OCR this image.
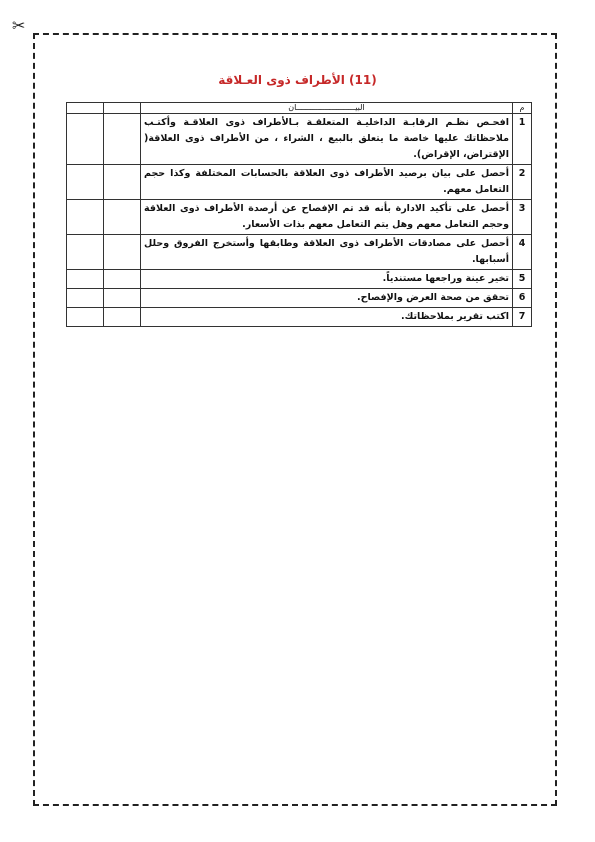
✂
(11) الأطراف ذوى العـلاقة
م	البيـــــــــــــــــــــــــان		
1	افحـص نظـم الرقابـة الداخليـة المتعلقـة بـالأطراف ذوى العلاقـة وأكتـب ملاحظاتك عليها خاصة ما يتعلق بالبيع ، الشراء ، من الأطراف ذوى العلاقة( الإقتراض، الإقراض).		
2	أحصل على بيان برصيد الأطراف ذوى العلاقة بالحسابات المختلفة وكذا حجم التعامل معهم.		
3	أحصل على تأكيد الادارة بأنه قد تم الإفصاح عن أرصدة الأطراف ذوى العلاقة وحجم التعامل معهم وهل يتم التعامل معهم بذات الأسعار.		
4	أحصل على مصادقات الأطراف ذوى العلاقة وطابقها وأستخرج الفروق وحلل أسبابها.		
5	تخير عينة وراجعها مستندياً.		
6	تحقق من صحة العرض والإفصاح.		
7	اكتب تقرير بملاحظاتك.		
